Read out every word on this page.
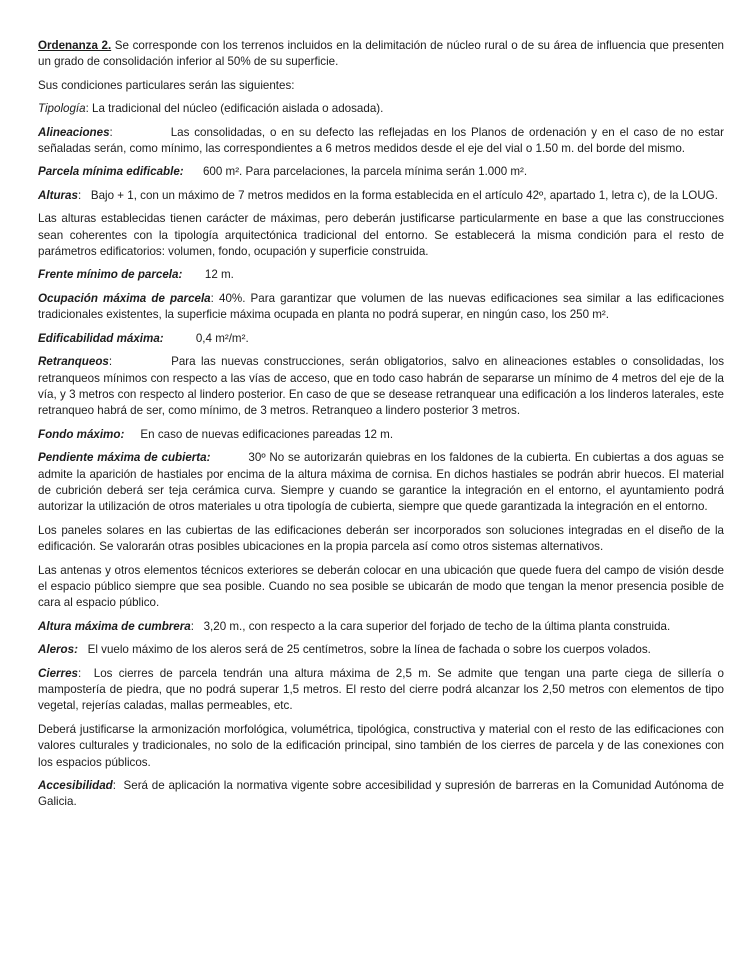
Ordenanza 2. Se corresponde con los terrenos incluidos en la delimitación de núcleo rural o de su área de influencia que presenten un grado de consolidación inferior al 50% de su superficie.

Sus condiciones particulares serán las siguientes:

Tipología: La tradicional del núcleo (edificación aislada o adosada).

Alineaciones:            Las consolidadas, o en su defecto las reflejadas en los Planos de ordenación y en el caso de no estar señaladas serán, como mínimo, las correspondientes a 6 metros medidos desde el eje del vial o 1.50 m. del borde del mismo.

Parcela mínima edificable:      600 m². Para parcelaciones, la parcela mínima serán 1.000 m².

Alturas:   Bajo + 1, con un máximo de 7 metros medidos en la forma establecida en el artículo 42º, apartado 1, letra c), de la LOUG.

Las alturas establecidas tienen carácter de máximas, pero deberán justificarse particularmente en base a que las construcciones sean coherentes con la tipología arquitectónica tradicional del entorno. Se establecerá la misma condición para el resto de parámetros edificatorios: volumen, fondo, ocupación y superficie construida.

Frente mínimo de parcela:       12 m.

Ocupación máxima de parcela: 40%. Para garantizar que volumen de las nuevas edificaciones sea similar a las edificaciones tradicionales existentes, la superficie máxima ocupada en planta no podrá superar, en ningún caso, los 250 m².

Edificabilidad máxima:          0,4 m²/m².

Retranqueos:           Para las nuevas construcciones, serán obligatorios, salvo en alineaciones estables o consolidadas, los retranqueos mínimos con respecto a las vías de acceso, que en todo caso habrán de separarse un mínimo de 4 metros del eje de la vía, y 3 metros con respecto al lindero posterior. En caso de que se desease retranquear una edificación a los linderos laterales, este retranqueo habrá de ser, como mínimo, de 3 metros. Retranqueo a lindero posterior 3 metros.

Fondo máximo:     En caso de nuevas edificaciones pareadas 12 m.

Pendiente máxima de cubierta:          30º No se autorizarán quiebras en los faldones de la cubierta. En cubiertas a dos aguas se admite la aparición de hastiales por encima de la altura máxima de cornisa. En dichos hastiales se podrán abrir huecos. El material de cubrición deberá ser teja cerámica curva. Siempre y cuando se garantice la integración en el entorno, el ayuntamiento podrá autorizar la utilización de otros materiales u otra tipología de cubierta, siempre que quede garantizada la integración en el entorno.

Los paneles solares en las cubiertas de las edificaciones deberán ser incorporados son soluciones integradas en el diseño de la edificación. Se valorarán otras posibles ubicaciones en la propia parcela así como otros sistemas alternativos.

Las antenas y otros elementos técnicos exteriores se deberán colocar en una ubicación que quede fuera del campo de visión desde el espacio público siempre que sea posible. Cuando no sea posible se ubicarán de modo que tengan la menor presencia posible de cara al espacio público.

Altura máxima de cumbrera:   3,20 m., con respecto a la cara superior del forjado de techo de la última planta construida.

Aleros:   El vuelo máximo de los aleros será de 25 centímetros, sobre la línea de fachada o sobre los cuerpos volados.

Cierres:  Los cierres de parcela tendrán una altura máxima de 2,5 m. Se admite que tengan una parte ciega de sillería o mampostería de piedra, que no podrá superar 1,5 metros. El resto del cierre podrá alcanzar los 2,50 metros con elementos de tipo vegetal, rejerías caladas, mallas permeables, etc.

Deberá justificarse la armonización morfológica, volumétrica, tipológica, constructiva y material con el resto de las edificaciones con valores culturales y tradicionales, no solo de la edificación principal, sino también de los cierres de parcela y de las conexiones con los espacios públicos.

Accesibilidad:  Será de aplicación la normativa vigente sobre accesibilidad y supresión de barreras en la Comunidad Autónoma de Galicia.
